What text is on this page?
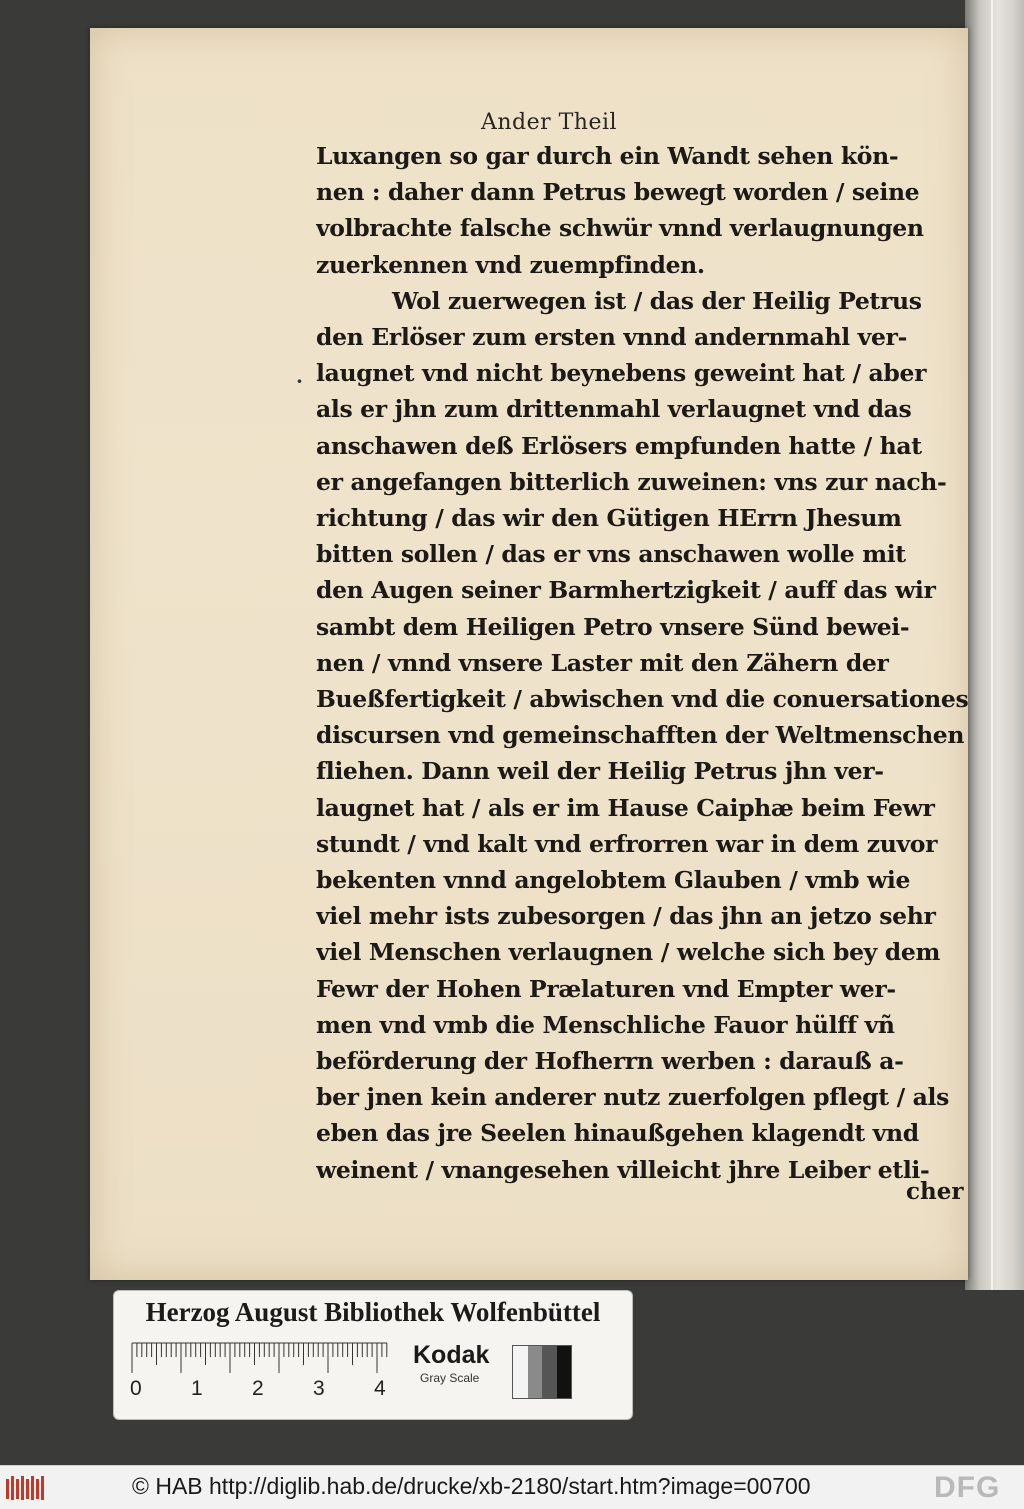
Ander Theil
·
Luxangen so gar durch ein Wandt sehen kön-
nen : daher dann Petrus bewegt worden / seine
volbrachte falsche schwür vnnd verlaugnungen
zuerkennen vnd zuempfinden.
Wol zuerwegen ist / das der Heilig Petrus
den Erlöser zum ersten vnnd andernmahl ver-
laugnet vnd nicht beynebens geweint hat / aber
als er jhn zum drittenmahl verlaugnet vnd das
anschawen deß Erlösers empfunden hatte / hat
er angefangen bitterlich zuweinen: vns zur nach-
richtung / das wir den Gütigen HErrn Jhesum
bitten sollen / das er vns anschawen wolle mit
den Augen seiner Barmhertzigkeit / auff das wir
sambt dem Heiligen Petro vnsere Sünd bewei-
nen / vnnd vnsere Laster mit den Zähern der
Bueßfertigkeit / abwischen vnd die conuersationes
discursen vnd gemeinschafften der Weltmenschen
fliehen. Dann weil der Heilig Petrus jhn ver-
laugnet hat / als er im Hause Caiphæ beim Fewr
stundt / vnd kalt vnd erfrorren war in dem zuvor
bekenten vnnd angelobtem Glauben / vmb wie
viel mehr ists zubesorgen / das jhn an jetzo sehr
viel Menschen verlaugnen / welche sich bey dem
Fewr der Hohen Prælaturen vnd Empter wer-
men vnd vmb die Menschliche Fauor hülff vñ
beförderung der Hofherrn werben : darauß a-
ber jnen kein anderer nutz zuerfolgen pflegt / als
eben das jre Seelen hinaußgehen klagendt vnd
weinent / vnangesehen villeicht jhre Leiber etli-
cher
Herzog August Bibliothek Wolfenbüttel
0 1 2 3 4
Kodak
Gray Scale
© HAB http://diglib.hab.de/drucke/xb-2180/start.htm?image=00700	DFG
